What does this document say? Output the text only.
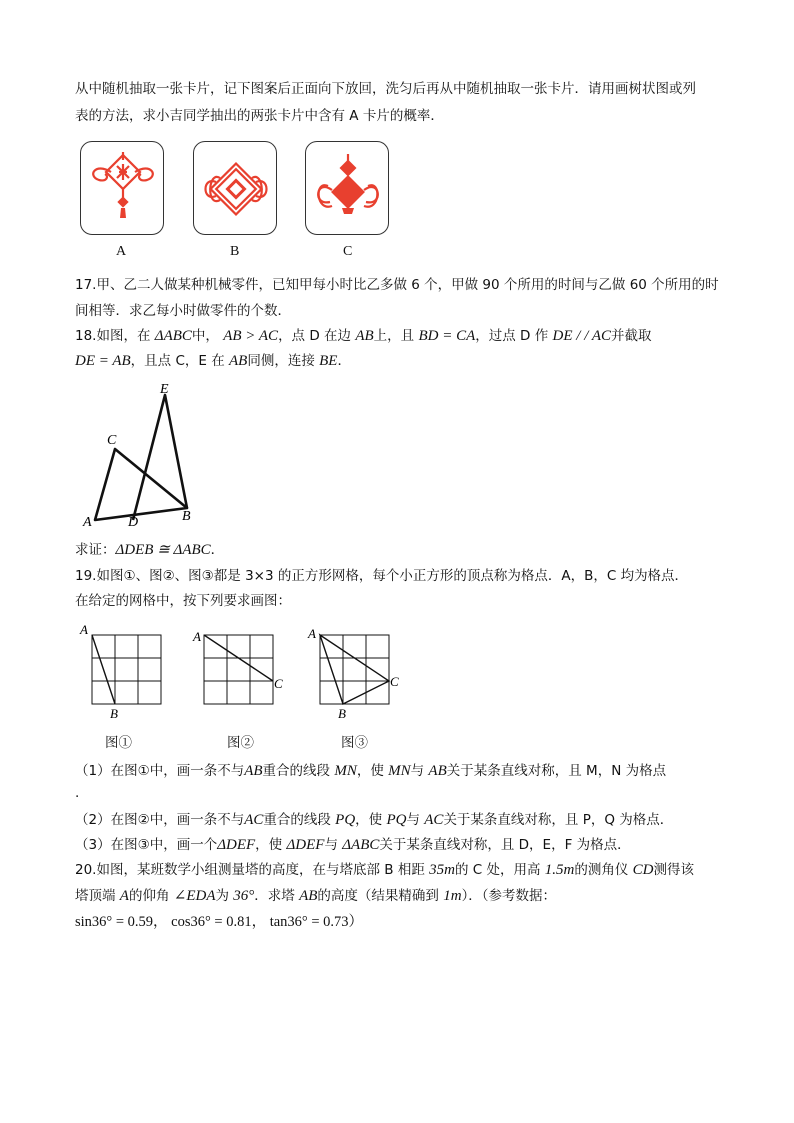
从中随机抽取一张卡片，记下图案后正面向下放回，洗匀后再从中随机抽取一张卡片．请用画树状图或列
表的方法，求小吉同学抽出的两张卡片中含有 A 卡片的概率．
A	B	C
17.甲、乙二人做某种机械零件，已知甲每小时比乙多做 6 个，甲做 90 个所用的时间与乙做 60 个所用的时
间相等．求乙每小时做零件的个数．
18.如图，在 ΔABC中， AB > AC，点 D 在边 AB上，且 BD = CA，过点 D 作 DE / / AC并截取
DE = AB，且点 C，E 在 AB同侧，连接 BE．
E
C
A	D	B
求证：ΔDEB ≅ ΔABC．
19.如图①、图②、图③都是 3×3 的正方形网格，每个小正方形的顶点称为格点．A，B，C 均为格点．
在给定的网格中，按下列要求画图：
A
B
A
C
A
C
B
图①	图②	图③
（1）在图①中，画一条不与AB重合的线段 MN，使 MN与 AB关于某条直线对称，且 M，N 为格点
.
（2）在图②中，画一条不与AC重合的线段 PQ，使 PQ与 AC关于某条直线对称，且 P，Q 为格点．
（3）在图③中，画一个ΔDEF，使 ΔDEF与 ΔABC关于某条直线对称，且 D，E，F 为格点．
20.如图，某班数学小组测量塔的高度，在与塔底部 B 相距 35m的 C 处，用高 1.5m的测角仪 CD测得该
塔顶端 A的仰角 ∠EDA为 36°．求塔 AB的高度（结果精确到 1m）．（参考数据：
sin36° = 0.59， cos36° = 0.81， tan36° = 0.73）
